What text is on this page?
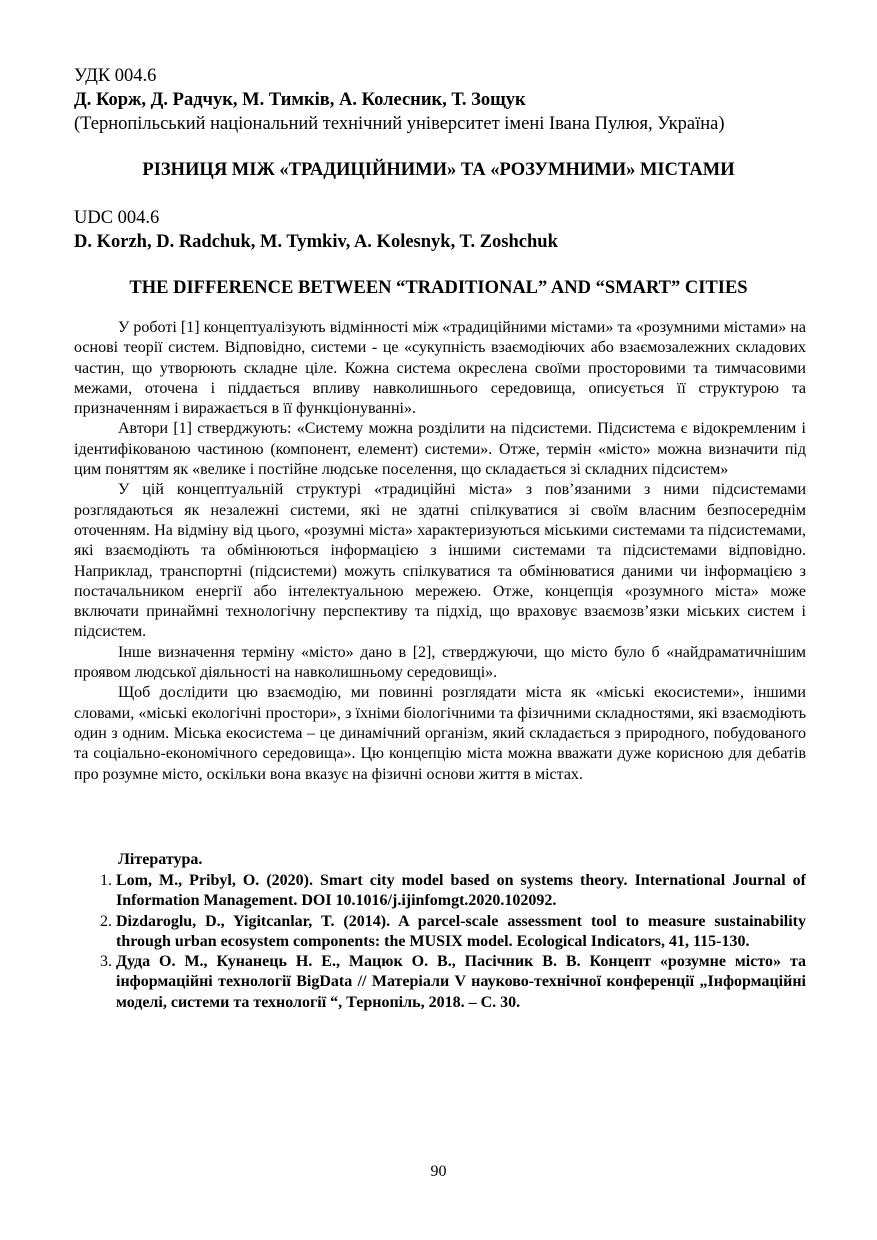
УДК 004.6
Д. Корж, Д. Радчук, М. Тимків, А. Колесник, Т. Зощук
(Тернопільський національний технічний університет імені Івана Пулюя, Україна)
РІЗНИЦЯ МІЖ «ТРАДИЦІЙНИМИ» ТА «РОЗУМНИМИ» МІСТАМИ
UDC 004.6
D. Korzh, D. Radchuk, M. Tymkiv, A. Kolesnyk, T. Zoshchuk
THE DIFFERENCE BETWEEN “TRADITIONAL” AND “SMART” CITIES

У роботі [1] концептуалізують відмінності між «традиційними містами» та «розумними містами» на основі теорії систем. Відповідно, системи - це «сукупність взаємодіючих або взаємозалежних складових частин, що утворюють складне ціле. Кожна система окреслена своїми просторовими та тимчасовими межами, оточена і піддається впливу навколишнього середовища, описується її структурою та призначенням і виражається в її функціонуванні».

Автори [1] стверджують: «Систему можна розділити на підсистеми. Підсистема є відокремленим і ідентифікованою частиною (компонент, елемент) системи». Отже, термін «місто» можна визначити під цим поняттям як «велике і постійне людське поселення, що складається зі складних підсистем»

У цій концептуальній структурі «традиційні міста» з пов’язаними з ними підсистемами розглядаються як незалежні системи, які не здатні спілкуватися зі своїм власним безпосереднім оточенням. На відміну від цього, «розумні міста» характеризуються міськими системами та підсистемами, які взаємодіють та обмінюються інформацією з іншими системами та підсистемами відповідно. Наприклад, транспортні (підсистеми) можуть спілкуватися та обмінюватися даними чи інформацією з постачальником енергії або інтелектуальною мережею. Отже, концепція «розумного міста» може включати принаймні технологічну перспективу та підхід, що враховує взаємозв’язки міських систем і підсистем.

Інше визначення терміну «місто» дано в [2], стверджуючи, що місто було б «найдраматичнішим проявом людської діяльності на навколишньому середовищі».

Щоб дослідити цю взаємодію, ми повинні розглядати міста як «міські екосистеми», іншими словами, «міські екологічні простори», з їхніми біологічними та фізичними складностями, які взаємодіють один з одним. Міська екосистема – це динамічний організм, який складається з природного, побудованого та соціально-економічного середовища». Цю концепцію міста можна вважати дуже корисною для дебатів про розумне місто, оскільки вона вказує на фізичні основи життя в містах.

Література.
1. Lom, M., Pribyl, O. (2020). Smart city model based on systems theory. International Journal of Information Management. DOI 10.1016/j.ijinfomgt.2020.102092.
2. Dizdaroglu, D., Yigitcanlar, T. (2014). A parcel-scale assessment tool to measure sustainability through urban ecosystem components: the MUSIX model. Ecological Indicators, 41, 115-130.
3. Дуда О. М., Кунанець Н. Е., Мацюк О. В., Пасічник В. В. Концепт «розумне місто» та інформаційні технології BigData // Матеріали V науково-технічної конференції „Інформаційні моделі, системи та технології “, Тернопіль, 2018. – С. 30.
90
